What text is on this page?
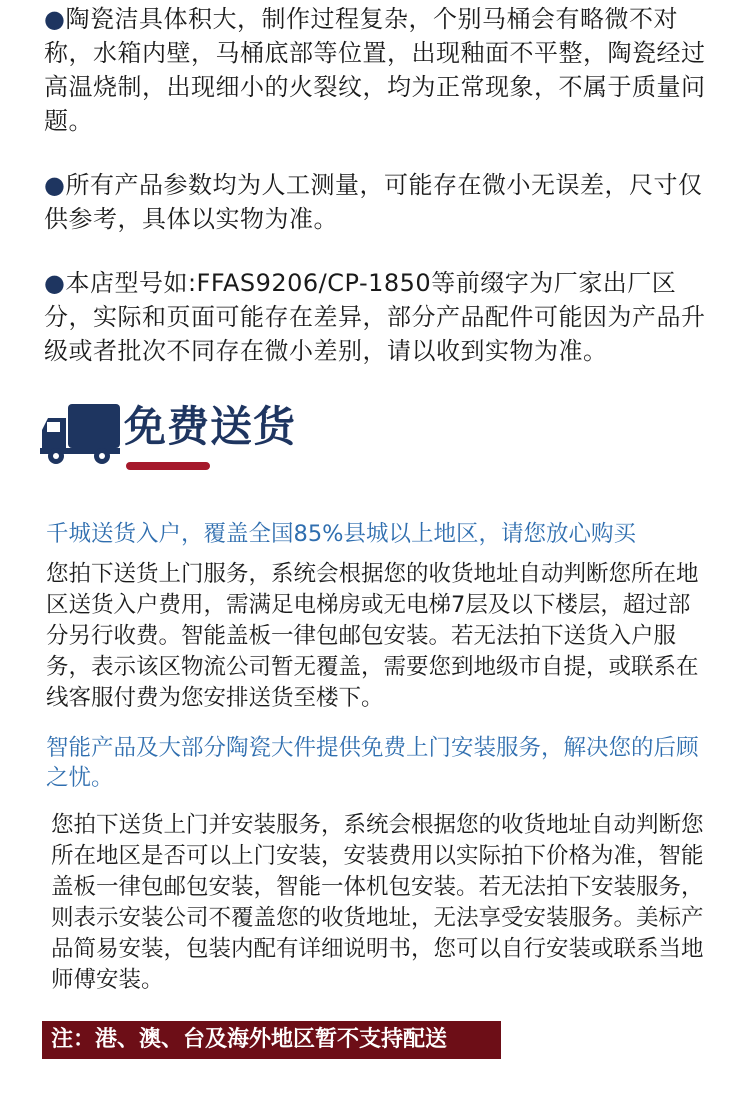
●陶瓷洁具体积大，制作过程复杂，个别马桶会有略微不对称，水箱内壁，马桶底部等位置，出现釉面不平整，陶瓷经过高温烧制，出现细小的火裂纹，均为正常现象，不属于质量问题。
●所有产品参数均为人工测量，可能存在微小无误差，尺寸仅供参考，具体以实物为准。
●本店型号如:FFAS9206/CP-1850等前缀字为厂家出厂区分，实际和页面可能存在差异，部分产品配件可能因为产品升级或者批次不同存在微小差别，请以收到实物为准。
免费送货
千城送货入户，覆盖全国85%县城以上地区，请您放心购买
您拍下送货上门服务，系统会根据您的收货地址自动判断您所在地区送货入户费用，需满足电梯房或无电梯7层及以下楼层，超过部分另行收费。智能盖板一律包邮包安装。若无法拍下送货入户服务，表示该区物流公司暂无覆盖，需要您到地级市自提，或联系在线客服付费为您安排送货至楼下。
智能产品及大部分陶瓷大件提供免费上门安装服务，解决您的后顾之忧。
您拍下送货上门并安装服务，系统会根据您的收货地址自动判断您所在地区是否可以上门安装，安装费用以实际拍下价格为准，智能盖板一律包邮包安装，智能一体机包安装。若无法拍下安装服务，则表示安装公司不覆盖您的收货地址，无法享受安装服务。美标产品简易安装，包装内配有详细说明书，您可以自行安装或联系当地师傅安装。
注：港、澳、台及海外地区暂不支持配送
